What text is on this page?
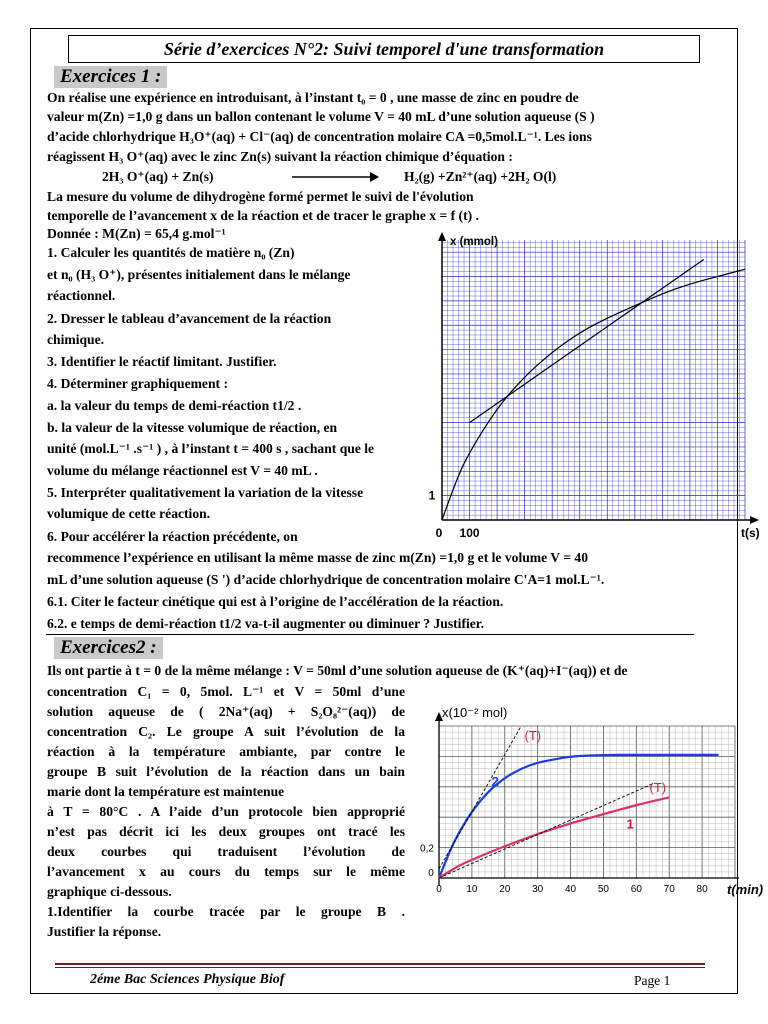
Série d’exercices N°2: Suivi temporel d'une transformation
Exercices 1 :
On réalise une expérience en introduisant, à l’instant t₀ = 0 , une masse de zinc en poudre de
valeur m(Zn) =1,0 g dans un ballon contenant le volume V = 40 mL d’une solution aqueuse (S )
d’acide chlorhydrique H₃O⁺(aq) + Cl⁻(aq) de concentration molaire CA =0,5mol.L⁻¹. Les ions
réagissent H₃ O⁺(aq) avec le zinc Zn(s) suivant la réaction chimique d’équation :
2H₃ O⁺(aq) + Zn(s)	H₂(g) +Zn²⁺(aq) +2H₂ O(l)
La mesure du volume de dihydrogène formé permet le suivi de l'évolution
temporelle de l’avancement x de la réaction et de tracer le graphe x = f (t) .
Donnée : M(Zn) = 65,4 g.mol⁻¹
1. Calculer les quantités de matière n₀ (Zn)
et n₀ (H₃ O⁺), présentes initialement dans le mélange
réactionnel.
2. Dresser le tableau d’avancement de la réaction
chimique.
3. Identifier le réactif limitant. Justifier.
4. Déterminer graphiquement :
a. la valeur du temps de demi-réaction t1/2 .
b. la valeur de la vitesse volumique de réaction, en
unité (mol.L⁻¹ .s⁻¹ ) , à l’instant t = 400 s , sachant que le
volume du mélange réactionnel est V = 40 mL .
5. Interpréter qualitativement la variation de la vitesse
volumique de cette réaction.
6. Pour accélérer la réaction précédente, on
recommence l’expérience en utilisant la même masse de zinc m(Zn) =1,0 g et le volume V = 40
mL d’une solution aqueuse (S ') d’acide chlorhydrique de concentration molaire C'A=1 mol.L⁻¹.
6.1. Citer le facteur cinétique qui est à l’origine de l’accélération de la réaction.
6.2. e temps de demi-réaction t1/2 va-t-il augmenter ou diminuer ? Justifier.
x (mmol)
t(s)
0 100
1
Exercices2 :
Ils ont partie à t = 0 de la même mélange : V = 50ml d’une solution aqueuse de (K⁺(aq)+I⁻(aq)) et de
concentration C₁ = 0, 5mol. L⁻¹ et V = 50ml d’une
solution aqueuse de ( 2Na⁺(aq) + S₂O₈²⁻(aq)) de
concentration C₂. Le groupe A suit l’évolution de la
réaction à la température ambiante, par contre le
groupe B suit l’évolution de la réaction dans un bain
marie dont la température est maintenue
à T = 80°C . A l’aide d’un protocole bien approprié
n’est pas décrit ici les deux groupes ont tracé les
deux courbes qui traduisent l’évolution de
l’avancement x au cours du temps sur le même
graphique ci-dessous.
1.Identifier la courbe tracée par le groupe B .
Justifier la réponse.
x(10⁻² mol)
t(min)
0 10 20 30 40 50 60 70 80
0
0,2
(T)
(T)
2
1
2éme Bac Sciences Physique Biof	Page 1
